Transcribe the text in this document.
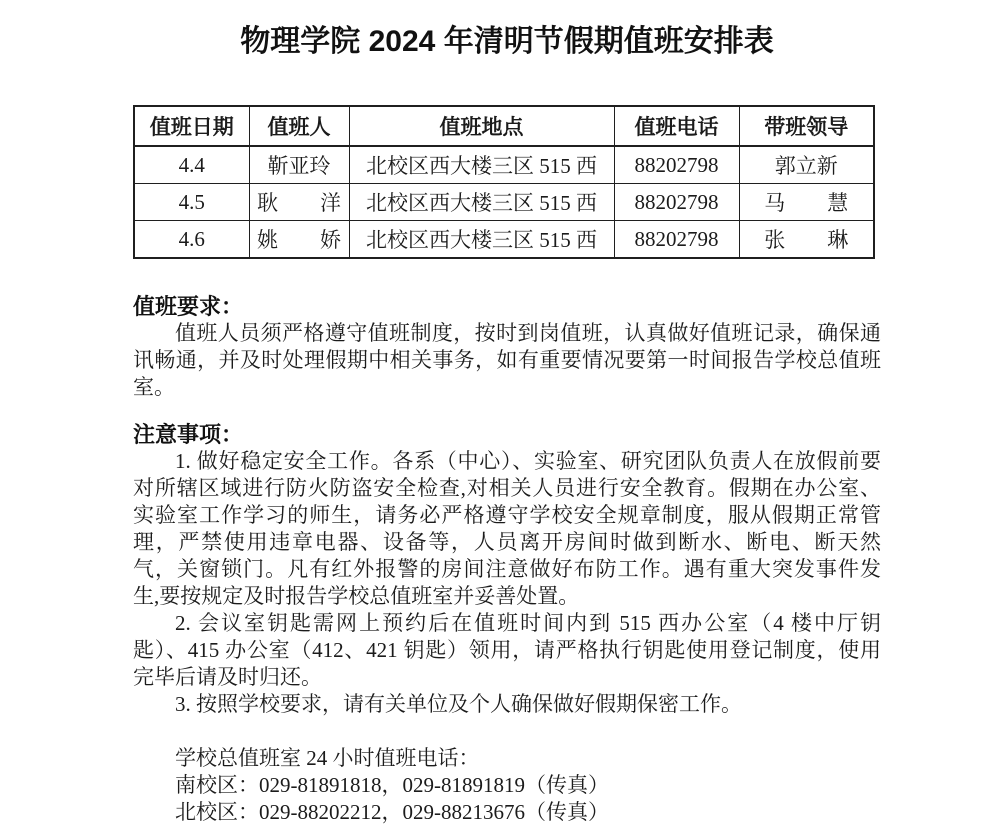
物理学院 2024 年清明节假期值班安排表
值班日期	值班人	值班地点	值班电话	带班领导
4.4	靳亚玲	北校区西大楼三区 515 西	88202798	郭立新
4.5	耿　　洋	北校区西大楼三区 515 西	88202798	马　　慧
4.6	姚　　娇	北校区西大楼三区 515 西	88202798	张　　琳
值班要求：
值班人员须严格遵守值班制度，按时到岗值班，认真做好值班记录，确保通
讯畅通，并及时处理假期中相关事务，如有重要情况要第一时间报告学校总值班
室。
注意事项：
1. 做好稳定安全工作。各系（中心）、实验室、研究团队负责人在放假前要
对所辖区域进行防火防盗安全检查,对相关人员进行安全教育。假期在办公室、
实验室工作学习的师生，请务必严格遵守学校安全规章制度，服从假期正常管
理，严禁使用违章电器、设备等，人员离开房间时做到断水、断电、断天然
气，关窗锁门。凡有红外报警的房间注意做好布防工作。遇有重大突发事件发
生,要按规定及时报告学校总值班室并妥善处置。
2. 会议室钥匙需网上预约后在值班时间内到 515 西办公室（4 楼中厅钥
匙）、415 办公室（412、421 钥匙）领用，请严格执行钥匙使用登记制度，使用
完毕后请及时归还。
3. 按照学校要求，请有关单位及个人确保做好假期保密工作。
学校总值班室 24 小时值班电话：
南校区：029-81891818，029-81891819（传真）
北校区：029-88202212，029-88213676（传真）
